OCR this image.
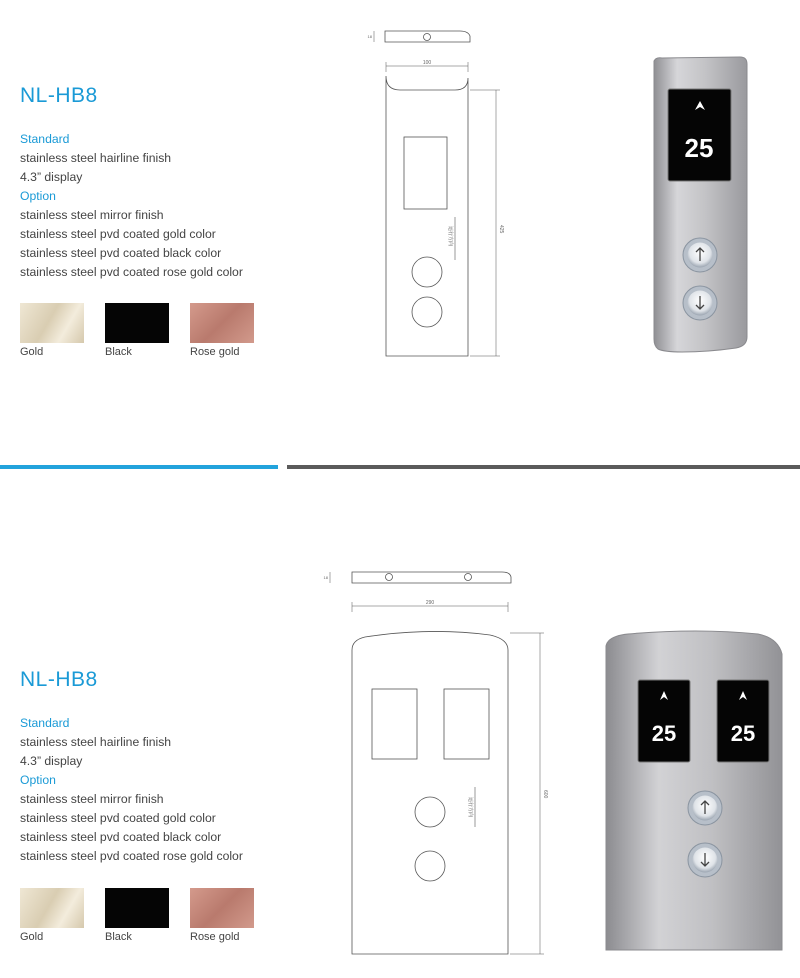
NL-HB8
Standard
stainless steel hairline finish
4.3” display
Option
stainless steel mirror finish
stainless steel pvd coated gold color
stainless steel pvd coated black color
stainless steel pvd coated rose gold color
Gold	Black	Rose gold
100
18
425
运行方向
25
NL-HB8
Standard
stainless steel hairline finish
4.3” display
Option
stainless steel mirror finish
stainless steel pvd coated gold color
stainless steel pvd coated black color
stainless steel pvd coated rose gold color
Gold	Black	Rose gold
290
18
600
运行方向
25 25
